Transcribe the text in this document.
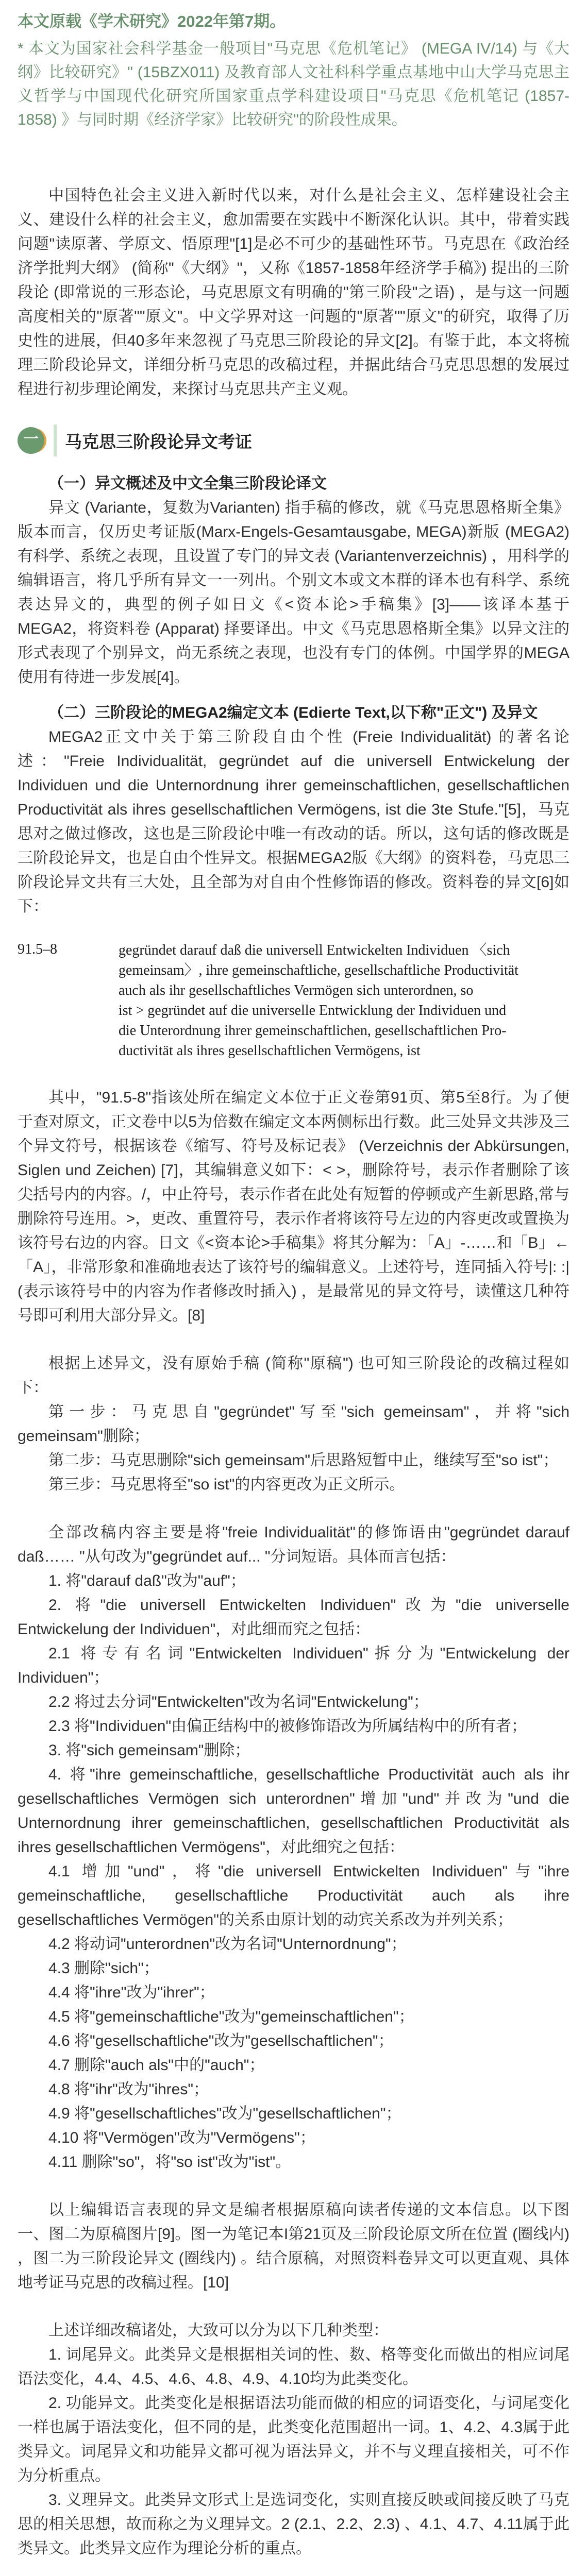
本文原载《学术研究》2022年第7期。

* 本文为国家社会科学基金一般项目"马克思《危机笔记》 (MEGA IV/14) 与《大纲》比较研究》" (15BZX011) 及教育部人文社科科学重点基地中山大学马克思主义哲学与中国现代化研究所国家重点学科建设项目"马克思《危机笔记 (1857-1858) 》与同时期《经济学家》比较研究"的阶段性成果。

中国特色社会主义进入新时代以来，对什么是社会主义、怎样建设社会主义、建设什么样的社会主义，愈加需要在实践中不断深化认识。其中，带着实践问题"读原著、学原文、悟原理"[1]是必不可少的基础性环节。马克思在《政治经济学批判大纲》 (简称"《大纲》"，又称《1857-1858年经济学手稿》) 提出的三阶段论 (即常说的三形态论，马克思原文有明确的"第三阶段"之语) ，是与这一问题高度相关的"原著""原文"。中文学界对这一问题的"原著""原文"的研究，取得了历史性的进展，但40多年来忽视了马克思三阶段论的异文[2]。有鉴于此，本文将梳理三阶段论异文，详细分析马克思的改稿过程，并据此结合马克思思想的发展过程进行初步理论阐发，来探讨马克思共产主义观。

一 马克思三阶段论异文考证
（一）异文概述及中文全集三阶段论译文

异文 (Variante，复数为Varianten) 指手稿的修改，就《马克思恩格斯全集》版本而言，仅历史考证版(Marx-Engels-Gesamtausgabe, MEGA)新版 (MEGA2) 有科学、系统之表现，且设置了专门的异文表 (Variantenverzeichnis) ，用科学的编辑语言，将几乎所有异文一一列出。个别文本或文本群的译本也有科学、系统表达异文的，典型的例子如日文《<资本论>手稿集》[3]——该译本基于MEGA2，将资料卷 (Apparat) 择要译出。中文《马克思恩格斯全集》以异文注的形式表现了个别异文，尚无系统之表现，也没有专门的体例。中国学界的MEGA使用有待进一步发展[4]。

（二）三阶段论的MEGA2编定文本 (Edierte Text,以下称"正文") 及异文

MEGA2正文中关于第三阶段自由个性 (Freie Individualität) 的著名论述："Freie Individualität, gegründet auf die universell Entwickelung der Individuen und die Unternordnung ihrer gemeinschaftlichen, gesellschaftlichen Productivität als ihres gesellschaftlichen Vermögens, ist die 3te Stufe."[5]，马克思对之做过修改，这也是三阶段论中唯一有改动的话。所以，这句话的修改既是三阶段论异文，也是自由个性异文。根据MEGA2版《大纲》的资料卷，马克思三阶段论异文共有三大处，且全部为对自由个性修饰语的修改。资料卷的异文[6]如下：

91.5–8	gegründet darauf daß die universell Entwickelten Individuen 〈sich
gemeinsam〉, ihre gemeinschaftliche, gesellschaftliche Productivität
auch als ihr gesellschaftliches Vermögen sich unterordnen, so
ist > gegründet auf die universelle Entwicklung der Individuen und
die Unterordnung ihrer gemeinschaftlichen, gesellschaftlichen Pro-
ductivität als ihres gesellschaftlichen Vermögens, ist

其中，"91.5-8"指该处所在编定文本位于正文卷第91页、第5至8行。为了便于查对原文，正文卷中以5为倍数在编定文本两侧标出行数。此三处异文共涉及三个异文符号，根据该卷《缩写、符号及标记表》 (Verzeichnis der Abkürsungen, Siglen und Zeichen) [7]，其编辑意义如下：< >，删除符号，表示作者删除了该尖括号内的内容。/，中止符号，表示作者在此处有短暂的停顿或产生新思路,常与删除符号连用。>，更改、重置符号，表示作者将该符号左边的内容更改或置换为该符号右边的内容。日文《<资本论>手稿集》将其分解为：「A」-……和「B」←「A」，非常形象和准确地表达了该符号的编辑意义。上述符号，连同插入符号|: :| (表示该符号中的内容为作者修改时插入) ，是最常见的异文符号，读懂这几种符号即可利用大部分异文。[8]

根据上述异文，没有原始手稿 (简称"原稿") 也可知三阶段论的改稿过程如下：

第一步：马克思自"gegründet"写至"sich gemeinsam"，并将"sich gemeinsam"删除；

第二步：马克思删除"sich gemeinsam"后思路短暂中止，继续写至"so ist"；

第三步：马克思将至"so ist"的内容更改为正文所示。

全部改稿内容主要是将"freie Individualität"的修饰语由"gegründet darauf daß…… "从句改为"gegründet auf... "分词短语。具体而言包括：

1. 将"darauf daß"改为"auf"；

2. 将"die universell Entwickelten Individuen"改为"die universelle Entwickelung der Individuen"，对此细而究之包括：

2.1 将专有名词"Entwickelten Individuen"拆分为"Entwickelung der Individuen"；

2.2 将过去分词"Entwickelten"改为名词"Entwickelung"；

2.3 将"Individuen"由偏正结构中的被修饰语改为所属结构中的所有者；

3. 将"sich gemeinsam"删除；

4. 将"ihre gemeinschaftliche, gesellschaftliche Productivität auch als ihr gesellschaftliches Vermögen sich unterordnen"增加"und"并改为"und die Unternordnung ihrer gemeinschaftlichen, gesellschaftlichen Productivität als ihres gesellschaftlichen Vermögens"，对此细究之包括：

4.1 增加"und"，将"die universell Entwickelten Individuen"与"ihre gemeinschaftliche, gesellschaftliche Productivität auch als ihre gesellschaftliches Vermögen"的关系由原计划的动宾关系改为并列关系；

4.2 将动词"unterordnen"改为名词"Unternordnung"；

4.3 删除"sich"；

4.4 将"ihre"改为"ihrer"；

4.5 将"gemeinschaftliche"改为"gemeinschaftlichen"；

4.6 将"gesellschaftliche"改为"gesellschaftlichen"；

4.7 删除"auch als"中的"auch"；

4.8 将"ihr"改为"ihres"；

4.9 将"gesellschaftliches"改为"gesellschaftlichen"；

4.10 将"Vermögen"改为"Vermögens"；

4.11 删除"so"，将"so ist"改为"ist"。

以上编辑语言表现的异文是编者根据原稿向读者传递的文本信息。以下图一、图二为原稿图片[9]。图一为笔记本I第21页及三阶段论原文所在位置 (圈线内) ，图二为三阶段论异文 (圈线内) 。结合原稿，对照资料卷异文可以更直观、具体地考证马克思的改稿过程。[10]

上述详细改稿诸处，大致可以分为以下几种类型：

1. 词尾异文。此类异文是根据相关词的性、数、格等变化而做出的相应词尾语法变化，4.4、4.5、4.6、4.8、4.9、4.10均为此类变化。

2. 功能异文。此类变化是根据语法功能而做的相应的词语变化，与词尾变化一样也属于语法变化，但不同的是，此类变化范围超出一词。1、4.2、4.3属于此类异文。词尾异文和功能异文都可视为语法异文，并不与义理直接相关，可不作为分析重点。

3. 义理异文。此类异文形式上是选词变化，实则直接反映或间接反映了马克思的相关思想，故而称之为义理异文。2 (2.1、2.2、2.3) 、4.1、4.7、4.11属于此类异文。此类异文应作为理论分析的重点。
